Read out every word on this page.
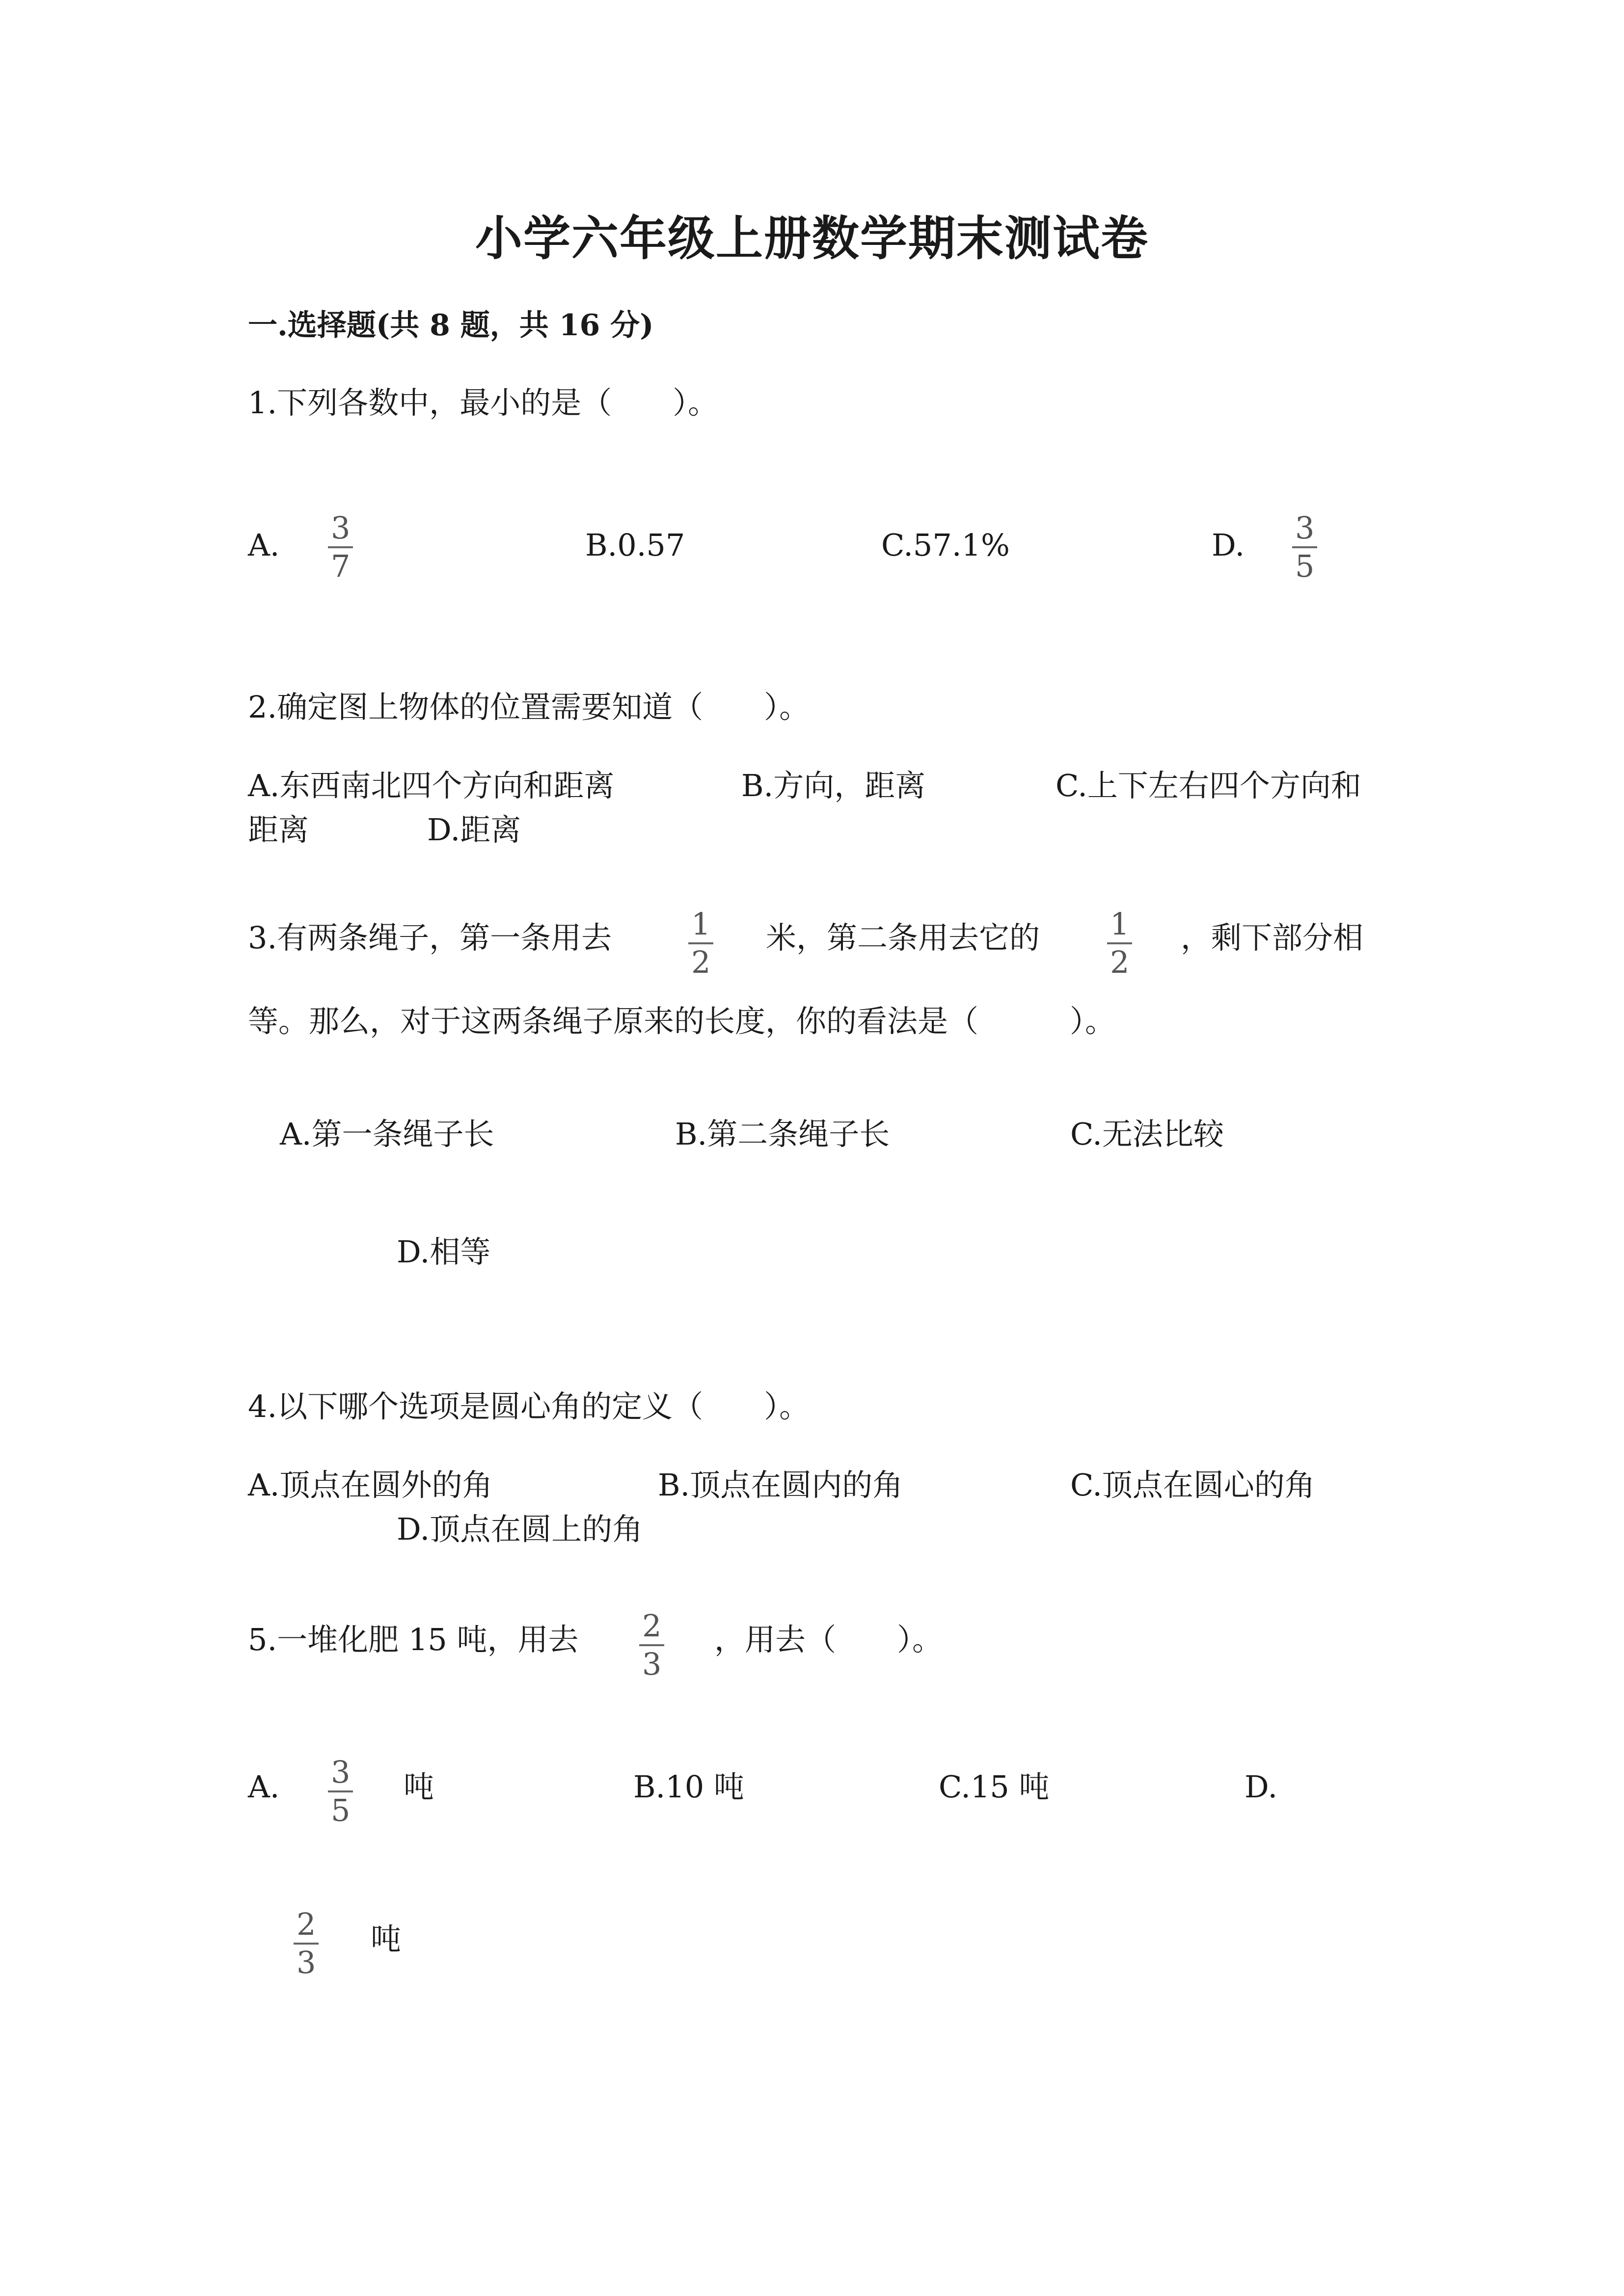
小学六年级上册数学期末测试卷
一.选择题(共 8 题，共 16 分)
1.下列各数中，最小的是（　　）。
A. 3
7
B.0.57	C.57.1%	D. 3
5
2.确定图上物体的位置需要知道（　　）。
A.东西南北四个方向和距离	B.方向，距离	C.上下左右四个方向和
距离	D.距离
3.有两条绳子，第一条用去	1
2
米，第二条用去它的 1
2
，剩下部分相
等。那么，对于这两条绳子原来的长度，你的看法是（　　　）。
A.第一条绳子长	B.第二条绳子长	C.无法比较
D.相等
4.以下哪个选项是圆心角的定义（　　）。
A.顶点在圆外的角	B.顶点在圆内的角	C.顶点在圆心的角
D.顶点在圆上的角
5.一堆化肥 15 吨，用去 2
3
，用去（　　）。
A. 3
5
吨	B.10 吨	C.15 吨	D.
2
3
吨
